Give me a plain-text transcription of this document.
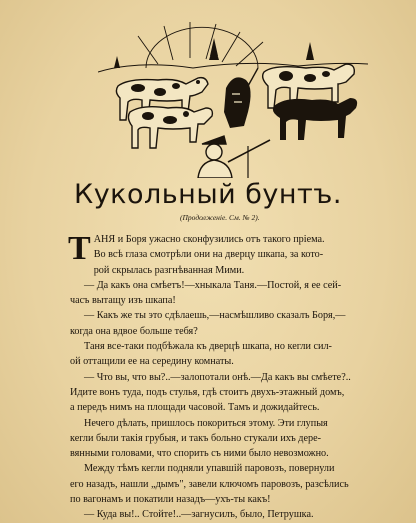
Кукольный бунтъ.
(Продолженіе. См. № 2).
Т АНЯ и Боря ужасно сконфузились отъ такого пріема.
Во всѣ глаза смотрѣли они на дверцу шкапа, за кото-
рой скрылась разгнѣванная Мими.
— Да какъ она смѣетъ!—хныкала Таня.—Постой, я ее сей-
часъ вытащу изъ шкапа!
— Какъ же ты это сдѣлаешь,—насмѣшливо сказалъ Боря,—
когда она вдвое больше тебя?
Таня все-таки подбѣжала къ дверцѣ шкапа, но кегли сил-
ой оттащили ее на середину комнаты.
— Что вы, что вы?..—залопотали онѣ.—Да какъ вы смѣете?..
Идите вонъ туда, подъ стулья, гдѣ стоитъ двухъ-этажный домъ,
а передъ нимъ на площади часовой. Тамъ и дожидайтесь.
Нечего дѣлать, пришлось покориться этому. Эти глупыя
кегли были такія грубыя, и такъ больно стукали ихъ дере-
вянными головами, что спорить съ ними было невозможно.
Между тѣмъ кегли подняли упавшій паровозъ, повернули
его назадъ, нашли „дымъ", завели ключомъ паровозъ, разсѣлись
по вагонамъ и покатили назадъ—ухъ-ты какъ!
— Куда вы!.. Стойте!..—загнусилъ, было, Петрушка.
